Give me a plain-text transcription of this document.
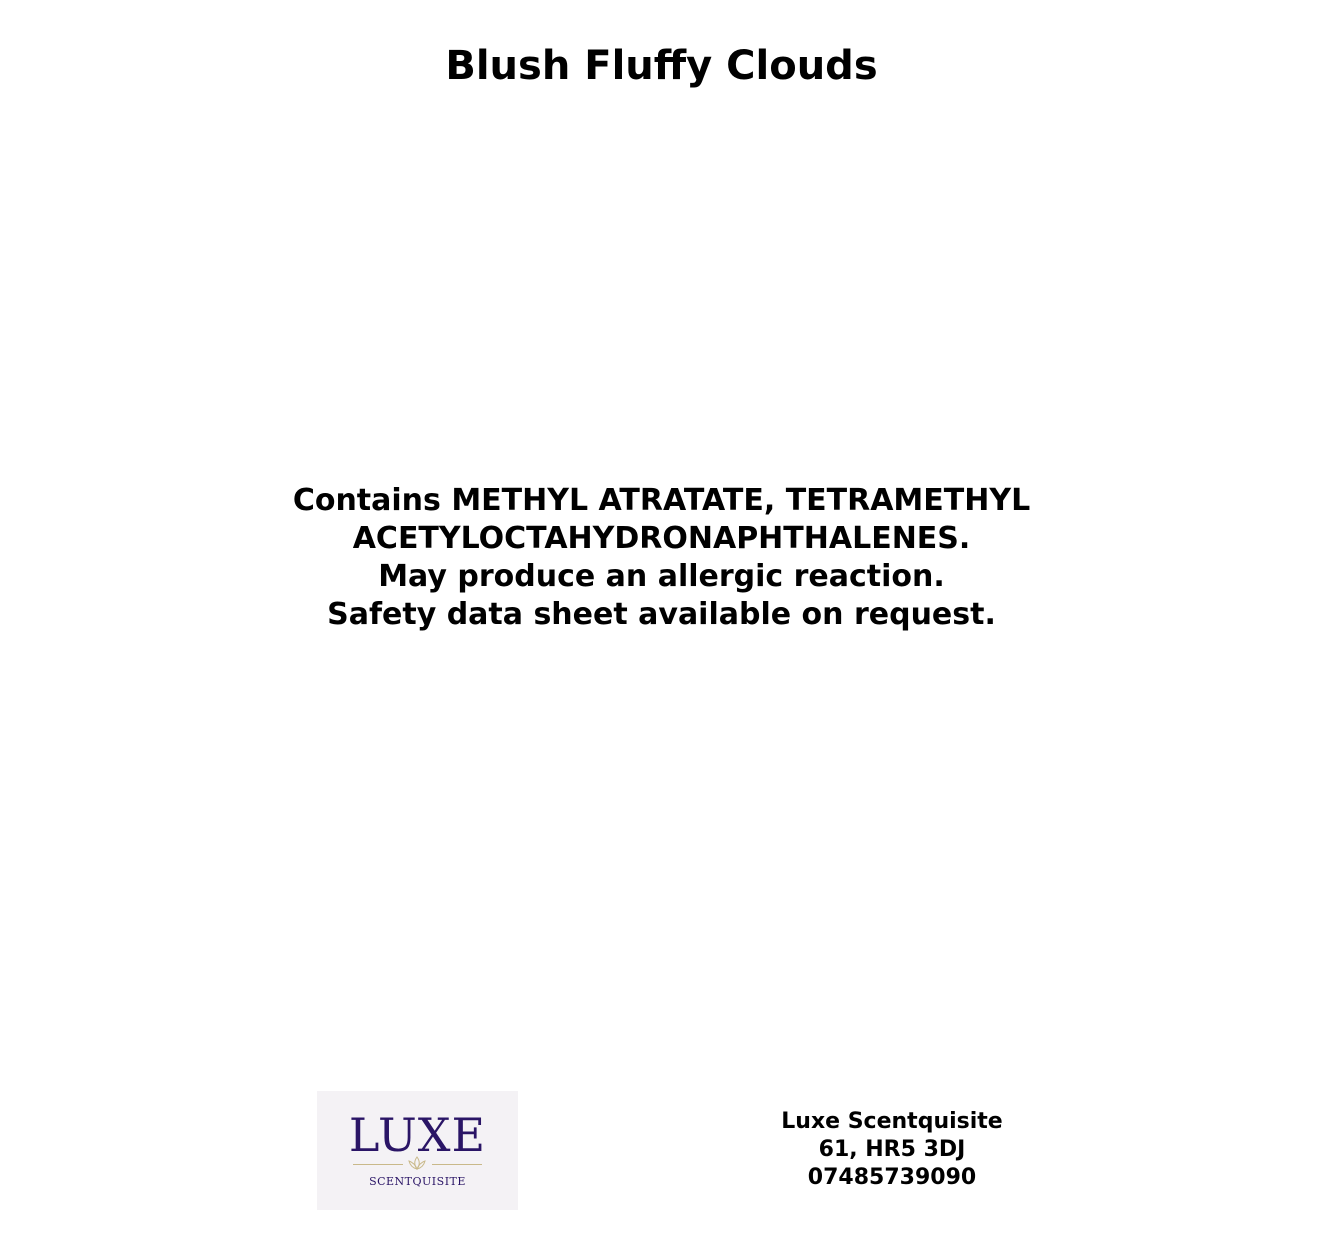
Blush Fluffy Clouds
Contains METHYL ATRATATE, TETRAMETHYL
ACETYLOCTAHYDRONAPHTHALENES.
May produce an allergic reaction.
Safety data sheet available on request.
LUXE
SCENTQUISITE
Luxe Scentquisite
61, HR5 3DJ
07485739090
